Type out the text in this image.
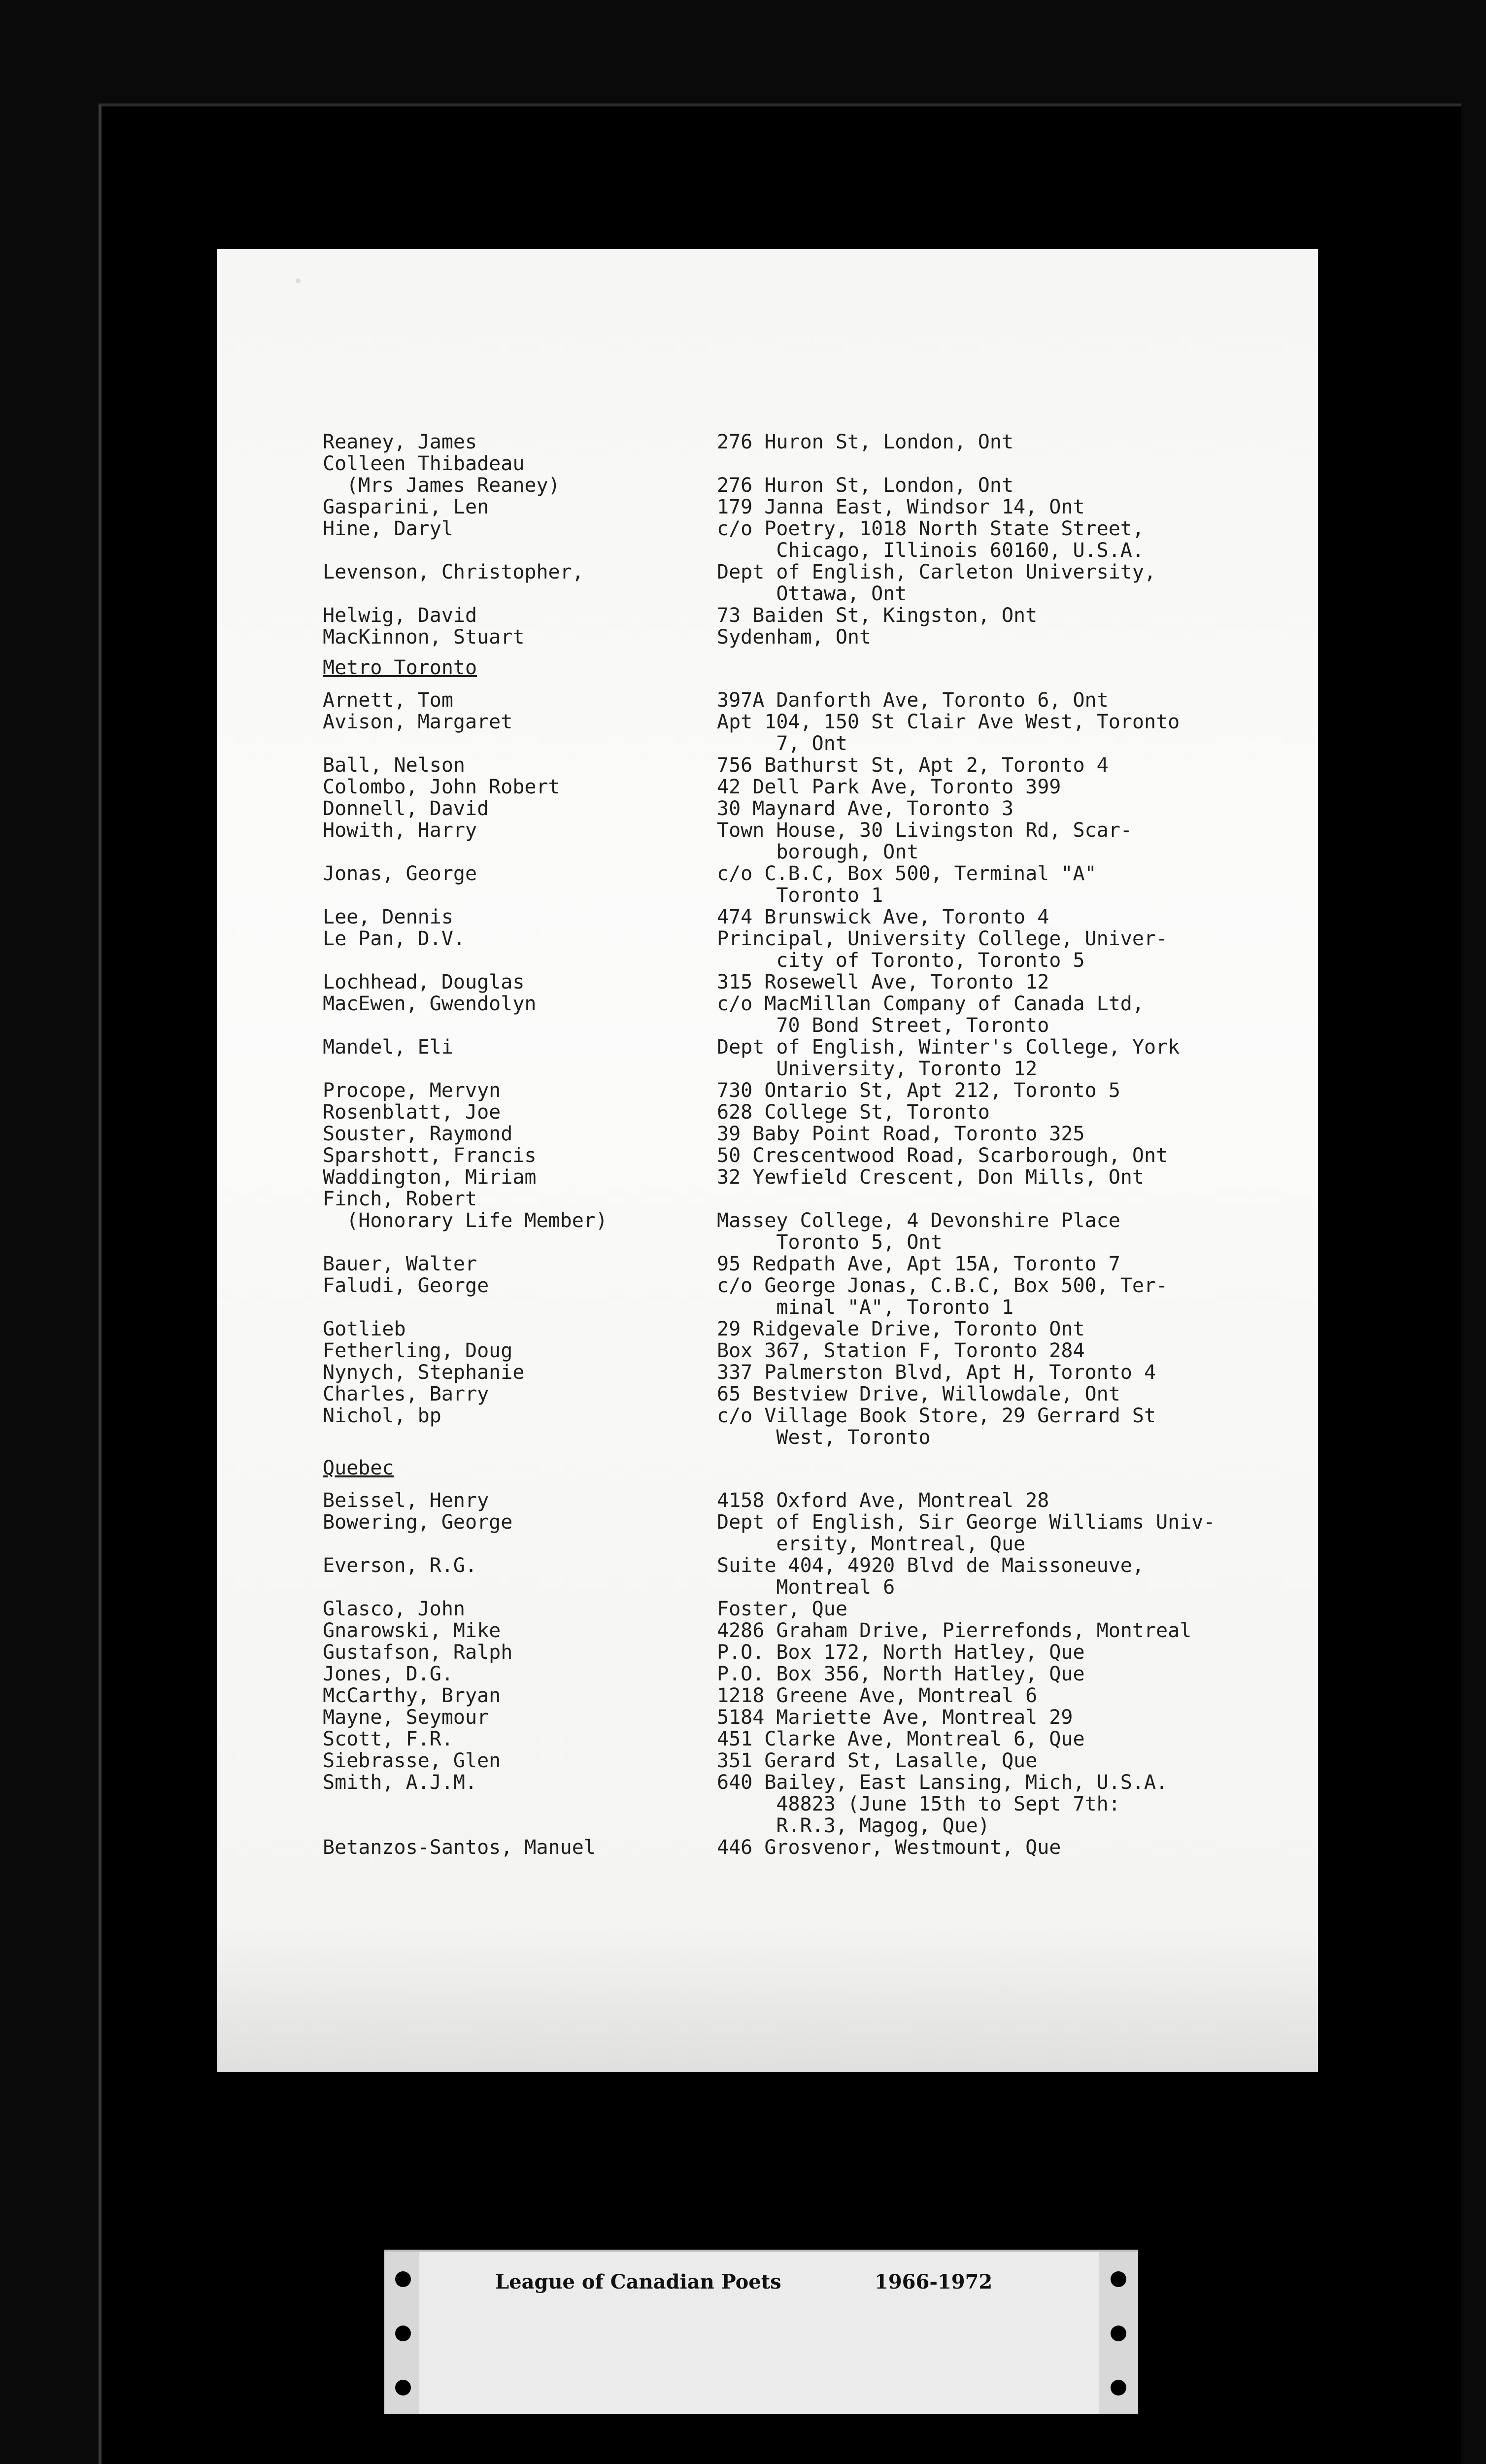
Reaney, James	276 Huron St, London, Ont
Colleen Thibadeau
(Mrs James Reaney)	276 Huron St, London, Ont
Gasparini, Len	179 Janna East, Windsor 14, Ont
Hine, Daryl	c/o Poetry, 1018 North State Street,
Chicago, Illinois 60160, U.S.A.
Levenson, Christopher,	Dept of English, Carleton University,
Ottawa, Ont
Helwig, David	73 Baiden St, Kingston, Ont
MacKinnon, Stuart	Sydenham, Ont
Metro Toronto
Arnett, Tom	397A Danforth Ave, Toronto 6, Ont
Avison, Margaret	Apt 104, 150 St Clair Ave West, Toronto
7, Ont
Ball, Nelson	756 Bathurst St, Apt 2, Toronto 4
Colombo, John Robert	42 Dell Park Ave, Toronto 399
Donnell, David	30 Maynard Ave, Toronto 3
Howith, Harry	Town House, 30 Livingston Rd, Scar-
borough, Ont
Jonas, George	c/o C.B.C, Box 500, Terminal "A"
Toronto 1
Lee, Dennis	474 Brunswick Ave, Toronto 4
Le Pan, D.V.	Principal, University College, Univer-
city of Toronto, Toronto 5
Lochhead, Douglas	315 Rosewell Ave, Toronto 12
MacEwen, Gwendolyn	c/o MacMillan Company of Canada Ltd,
70 Bond Street, Toronto
Mandel, Eli	Dept of English, Winter's College, York
University, Toronto 12
Procope, Mervyn	730 Ontario St, Apt 212, Toronto 5
Rosenblatt, Joe	628 College St, Toronto
Souster, Raymond	39 Baby Point Road, Toronto 325
Sparshott, Francis	50 Crescentwood Road, Scarborough, Ont
Waddington, Miriam	32 Yewfield Crescent, Don Mills, Ont
Finch, Robert
(Honorary Life Member)	Massey College, 4 Devonshire Place
Toronto 5, Ont
Bauer, Walter	95 Redpath Ave, Apt 15A, Toronto 7
Faludi, George	c/o George Jonas, C.B.C, Box 500, Ter-
minal "A", Toronto 1
Gotlieb	29 Ridgevale Drive, Toronto Ont
Fetherling, Doug	Box 367, Station F, Toronto 284
Nynych, Stephanie	337 Palmerston Blvd, Apt H, Toronto 4
Charles, Barry	65 Bestview Drive, Willowdale, Ont
Nichol, bp	c/o Village Book Store, 29 Gerrard St
West, Toronto
Quebec
Beissel, Henry	4158 Oxford Ave, Montreal 28
Bowering, George	Dept of English, Sir George Williams Univ-
ersity, Montreal, Que
Everson, R.G.	Suite 404, 4920 Blvd de Maissoneuve,
Montreal 6
Glasco, John	Foster, Que
Gnarowski, Mike	4286 Graham Drive, Pierrefonds, Montreal
Gustafson, Ralph	P.O. Box 172, North Hatley, Que
Jones, D.G.	P.O. Box 356, North Hatley, Que
McCarthy, Bryan	1218 Greene Ave, Montreal 6
Mayne, Seymour	5184 Mariette Ave, Montreal 29
Scott, F.R.	451 Clarke Ave, Montreal 6, Que
Siebrasse, Glen	351 Gerard St, Lasalle, Que
Smith, A.J.M.	640 Bailey, East Lansing, Mich, U.S.A.
48823 (June 15th to Sept 7th:
R.R.3, Magog, Que)
Betanzos-Santos, Manuel	446 Grosvenor, Westmount, Que
League of Canadian Poets	1966-1972
